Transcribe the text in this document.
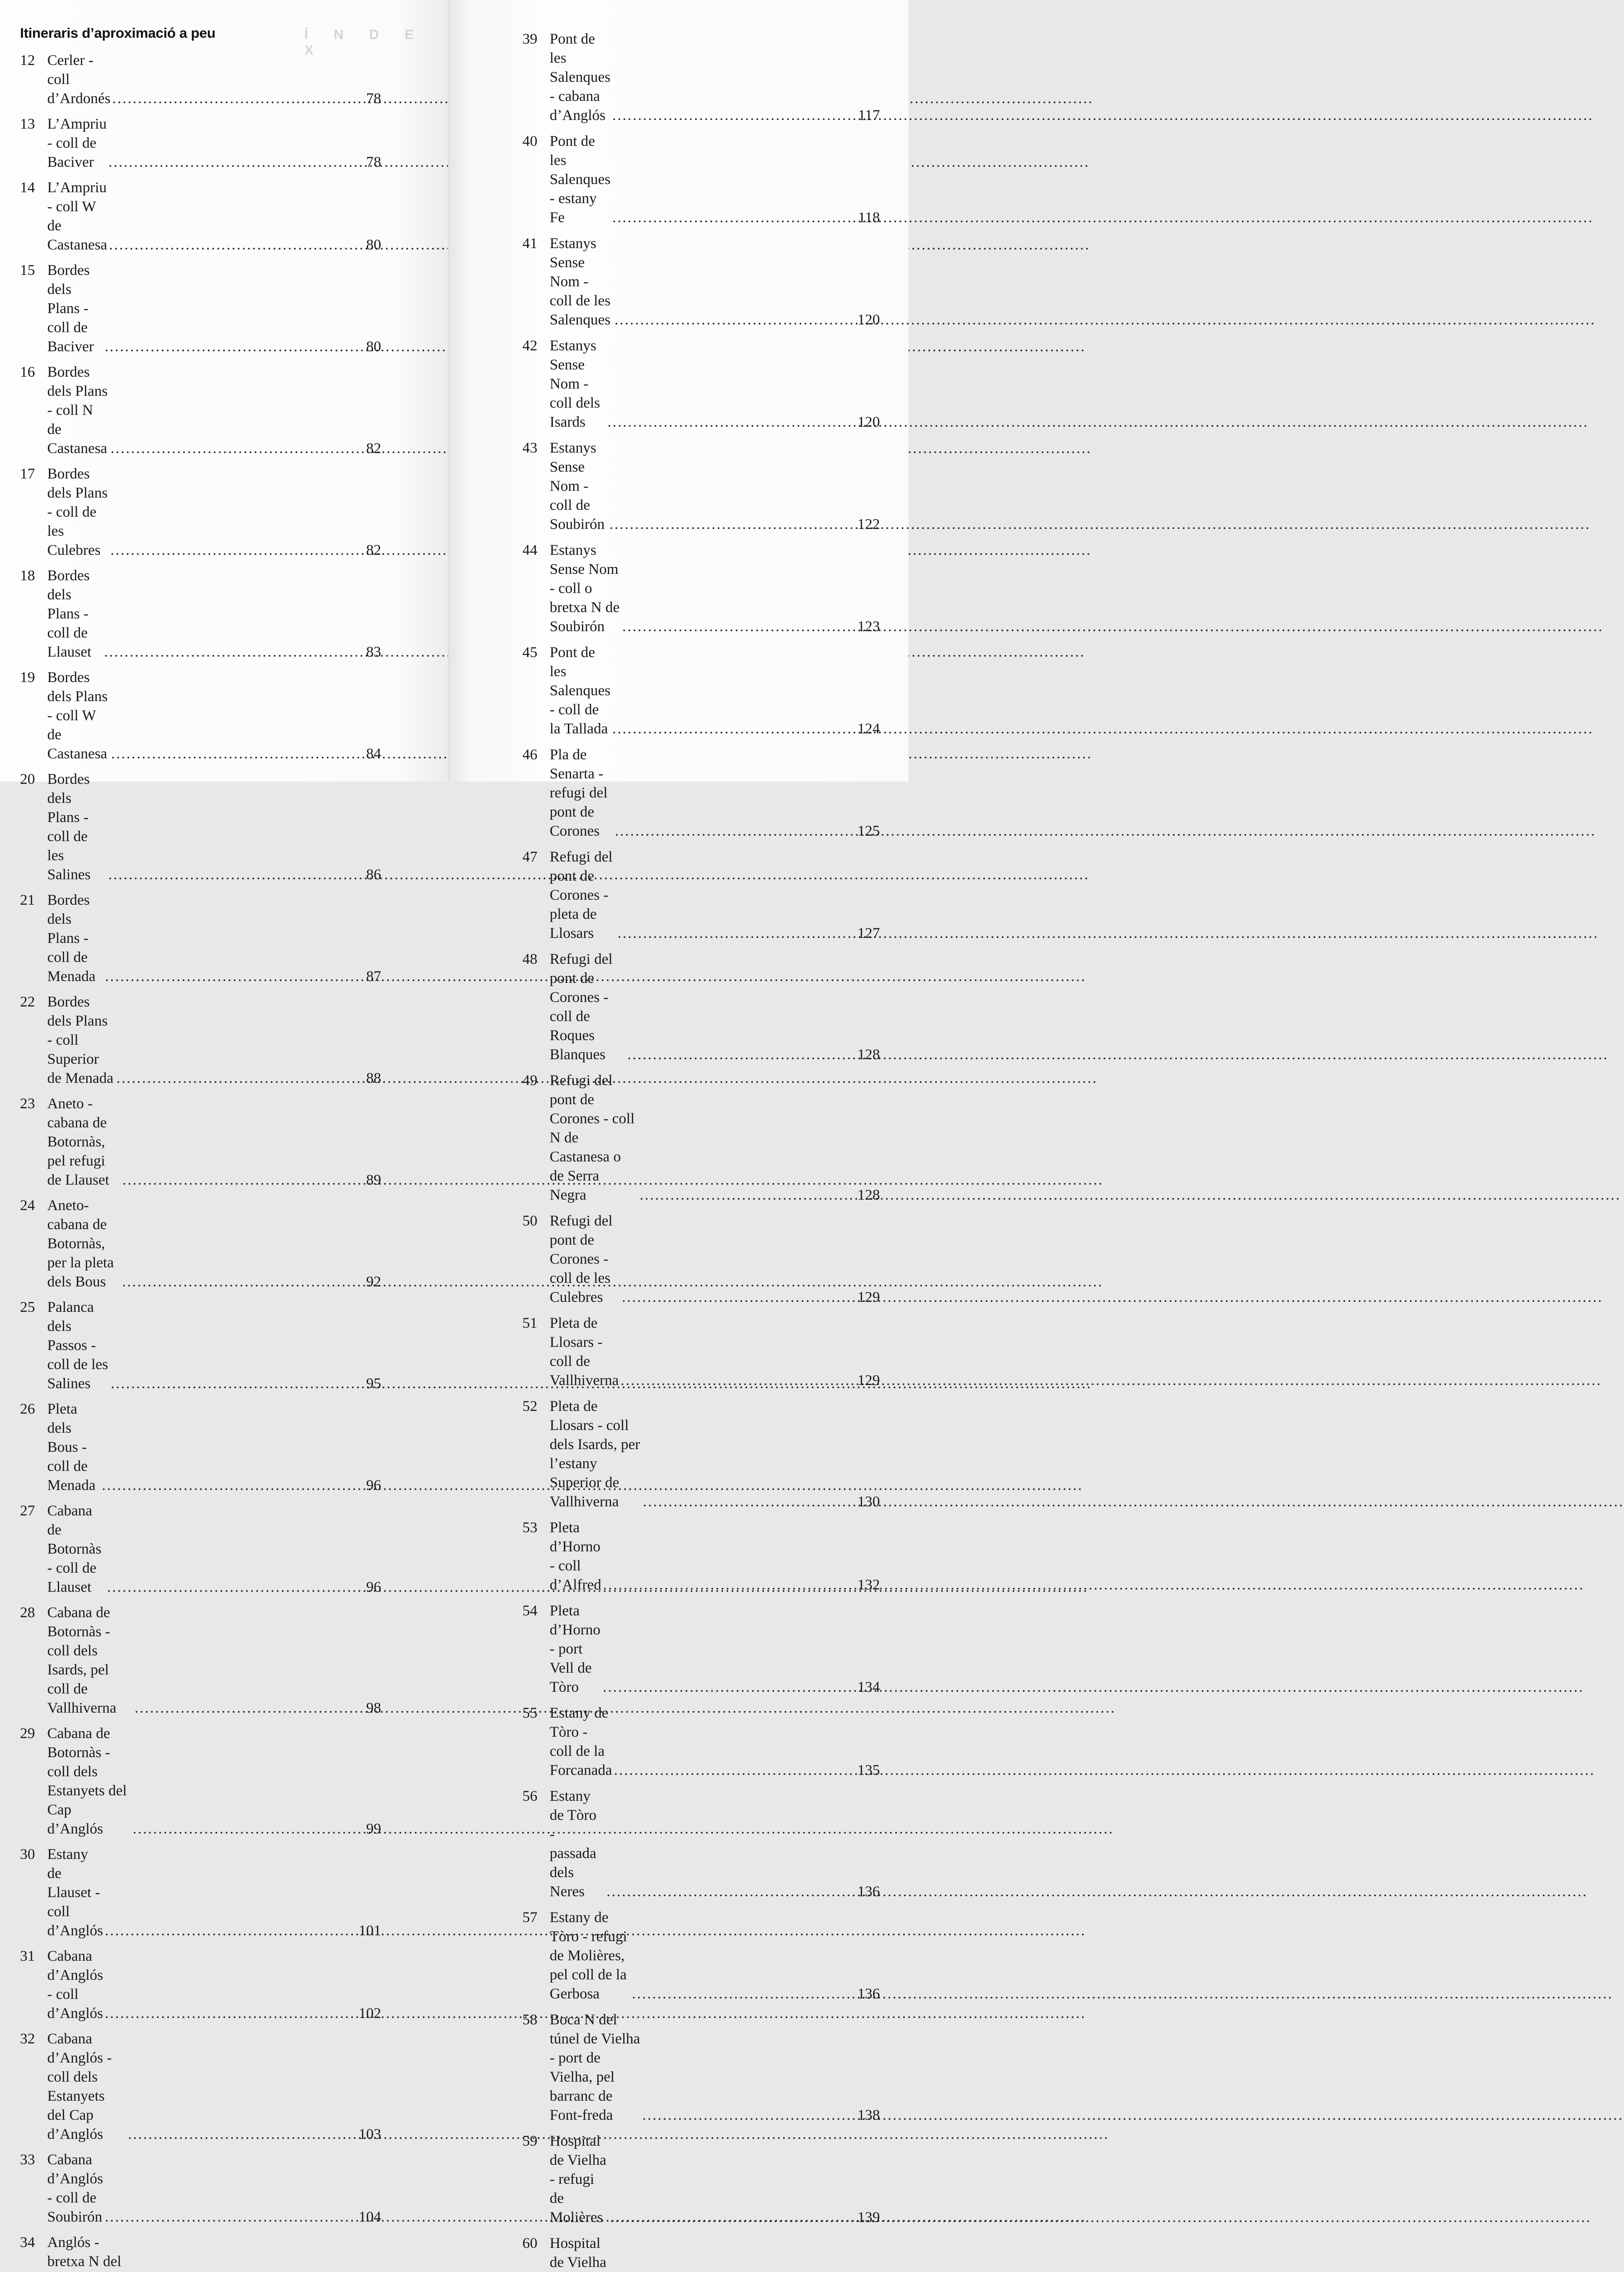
Í N D E X
Itineraris d’aproximació a peu
12 Cerler - coll d’Ardonés .....	78
13 L’Ampriu - coll de Baciver .....	78
14 L’Ampriu - coll W de Castanesa .....	80
15 Bordes dels Plans - coll de Baciver .....	80
16 Bordes dels Plans - coll N de Castanesa .....	82
17 Bordes dels Plans - coll de les Culebres .....	82
18 Bordes dels Plans - coll de Llauset .....	83
19 Bordes dels Plans - coll W de Castanesa .....	84
20 Bordes dels Plans - coll de les Salines .....	86
21 Bordes dels Plans - coll de Menada .....	87
22 Bordes dels Plans - coll Superior de Menada .....	88
23 Aneto - cabana de Botornàs, pel refugi de Llauset .....	89
24 Aneto-cabana de Botornàs, per la pleta dels Bous .....	92
25 Palanca dels Passos - coll de les Salines .....	95
26 Pleta dels Bous - coll de Menada .....	96
27 Cabana de Botornàs - coll de Llauset .....	96
28 Cabana de Botornàs - coll dels Isards, pel coll de Vallhiverna .....	98
29 Cabana de Botornàs - coll dels Estanyets del Cap d’Anglós .....	99
30 Estany de Llauset - coll d’Anglós .....	101
31 Cabana d’Anglós - coll d’Anglós .....	102
32 Cabana d’Anglós - coll dels Estanyets del Cap d’Anglós .....	103
33 Cabana d’Anglós - coll de Soubirón .....	104
34 Anglós - bretxa N del
39 Pont de les Salenques - cabana d’Anglós .....	117
40 Pont de les Salenques - estany Fe .....	118
41 Estanys Sense Nom - coll de les Salenques .....	120
42 Estanys Sense Nom - coll dels Isards .....	120
43 Estanys Sense Nom - coll de Soubirón .....	122
44 Estanys Sense Nom - coll o bretxa N de Soubirón .....	123
45 Pont de les Salenques - coll de la Tallada .....	124
46 Pla de Senarta - refugi del pont de Corones .....	125
47 Refugi del pont de Corones - pleta de Llosars .....	127
48 Refugi del pont de Corones - coll de Roques Blanques .....	128
49 Refugi del pont de Corones - coll N de Castanesa o de Serra Negra .....	128
50 Refugi del pont de Corones - coll de les Culebres .....	129
51 Pleta de Llosars - coll de Vallhiverna .....	129
52 Pleta de Llosars - coll dels Isards, per l’estany Superior de Vallhiverna .....	130
53 Pleta d’Horno - coll d’Alfred .....	132
54 Pleta d’Horno - port Vell de Tòro .....	134
55 Estany de Tòro - coll de la Forcanada .....	135
56 Estany de Tòro - passada dels Neres .....	136
57 Estany de Tòro - refugi de Molières, pel coll de la Gerbosa .....	136
58 Boca N del túnel de Vielha - port de Vielha, pel barranc de Font-freda .....	138
59 Hospital de Vielha - refugi de Molières .....	139
60 Hospital de Vielha
